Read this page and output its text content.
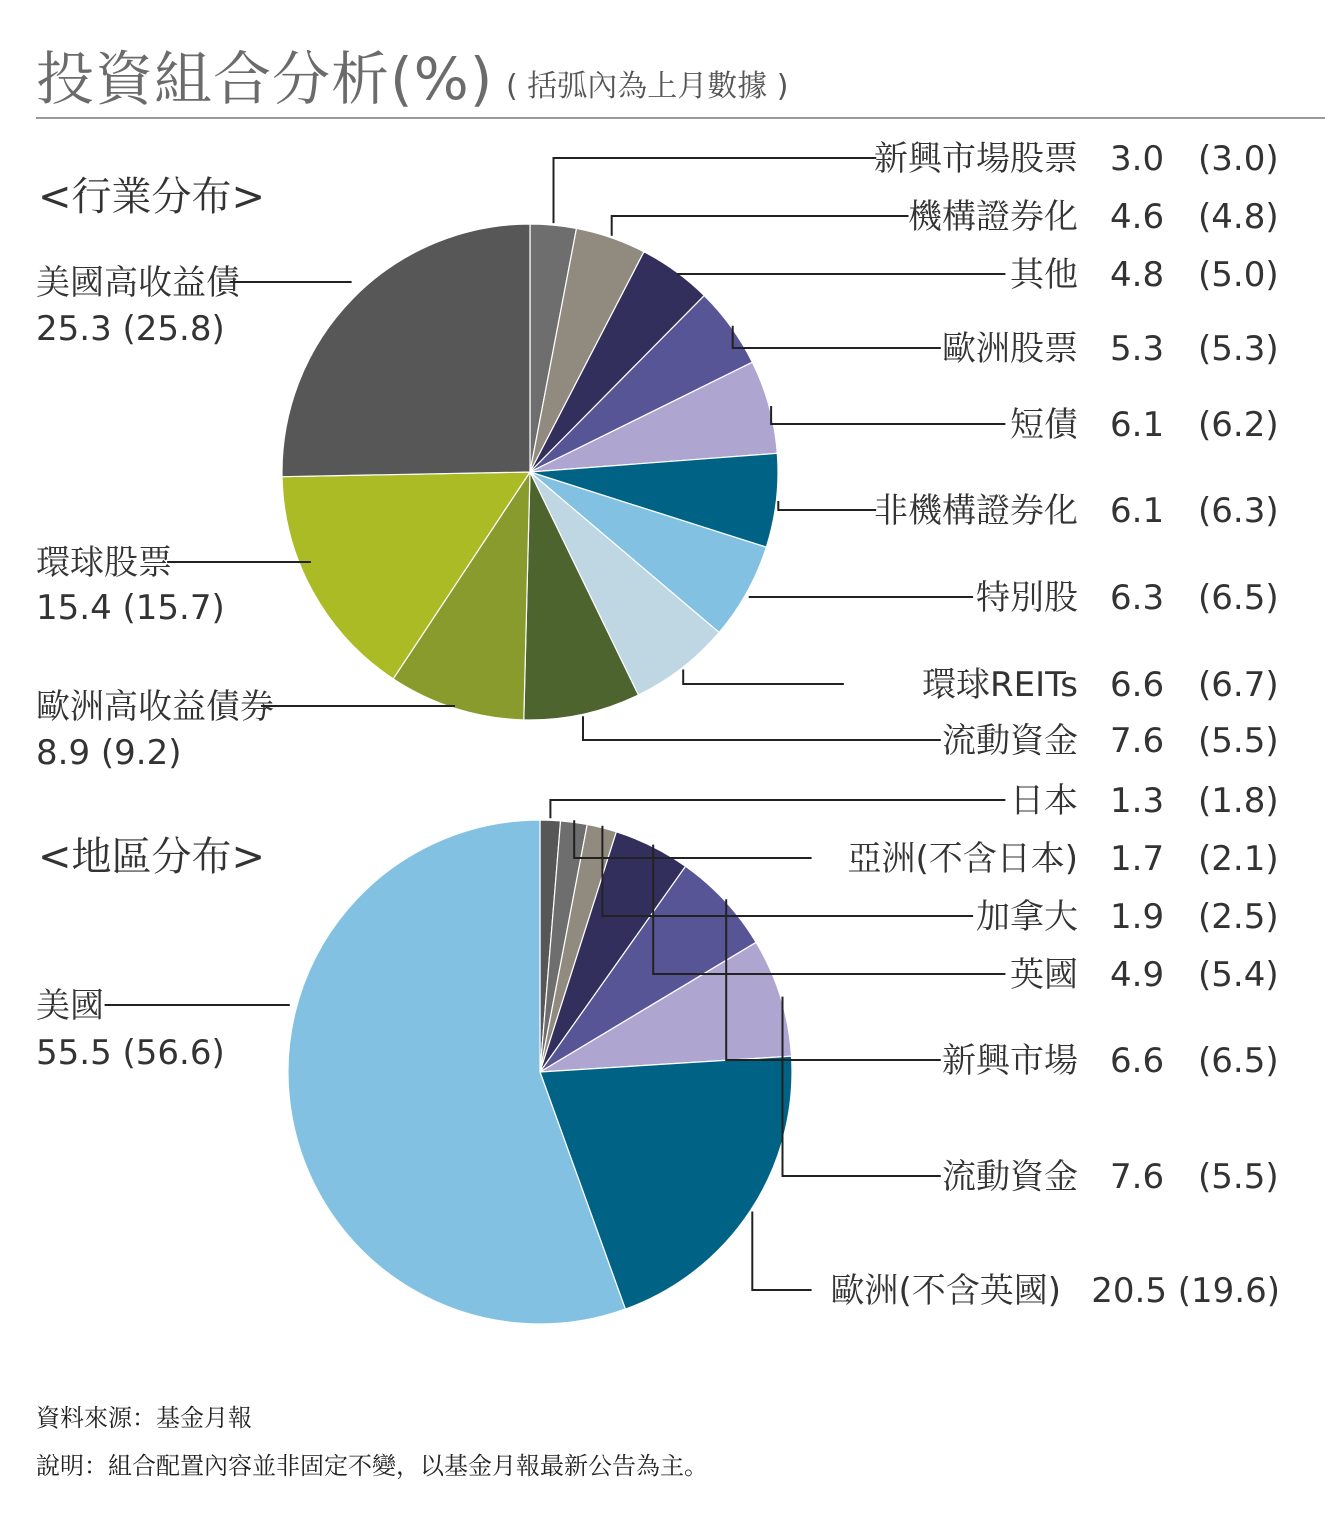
投資組合分析(%) ( 括弧內為上月數據 )
<行業分布>
新興市場股票 3.0 (3.0)
機構證券化 4.6 (4.8)
其他 4.8 (5.0)
歐洲股票 5.3 (5.3)
短債 6.1 (6.2)
非機構證券化 6.1 (6.3)
特別股 6.3 (6.5)
環球REITs 6.6 (6.7)
流動資金 7.6 (5.5)
歐洲高收益債券
8.9 (9.2)
環球股票
15.4 (15.7)
美國高收益債
25.3 (25.8)
<地區分布>
日本 1.3 (1.8)
亞洲(不含日本) 1.7 (2.1)
加拿大 1.9 (2.5)
英國 4.9 (5.4)
新興市場 6.6 (6.5)
流動資金 7.6 (5.5)
歐洲(不含英國) 20.5 (19.6)
美國
55.5 (56.6)
資料來源：基金月報
說明：組合配置內容並非固定不變，以基金月報最新公告為主。
